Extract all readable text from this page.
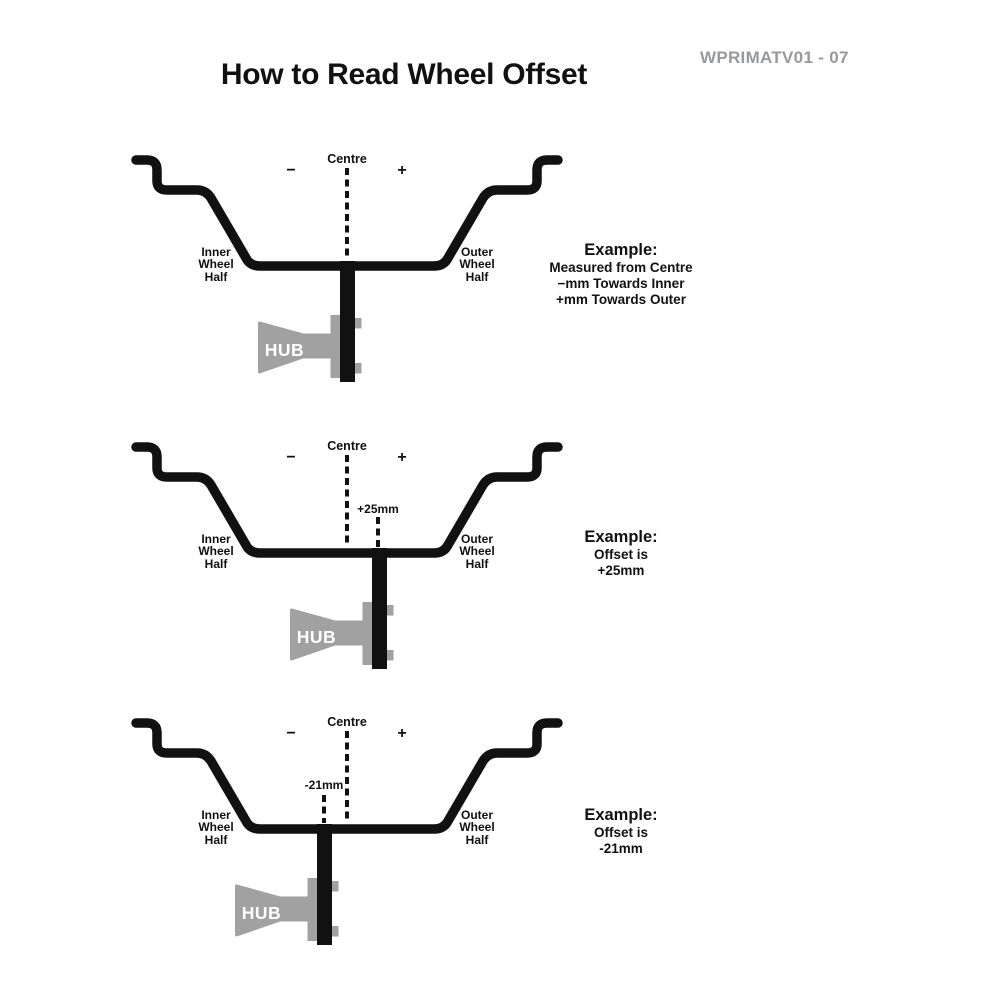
How to Read Wheel Offset
WPRIMATV01 - 07
HUB
HUB
HUB
Centre
−	+
Inner
Wheel
Half
Outer
Wheel
Half
Example:
Measured from Centre
−mm Towards Inner
+mm Towards Outer
Centre
−	+
+25mm
Inner
Wheel
Half
Outer
Wheel
Half
Example:
Offset is
+25mm
Centre
−	+
-21mm
Inner
Wheel
Half
Outer
Wheel
Half
Example:
Offset is
-21mm
